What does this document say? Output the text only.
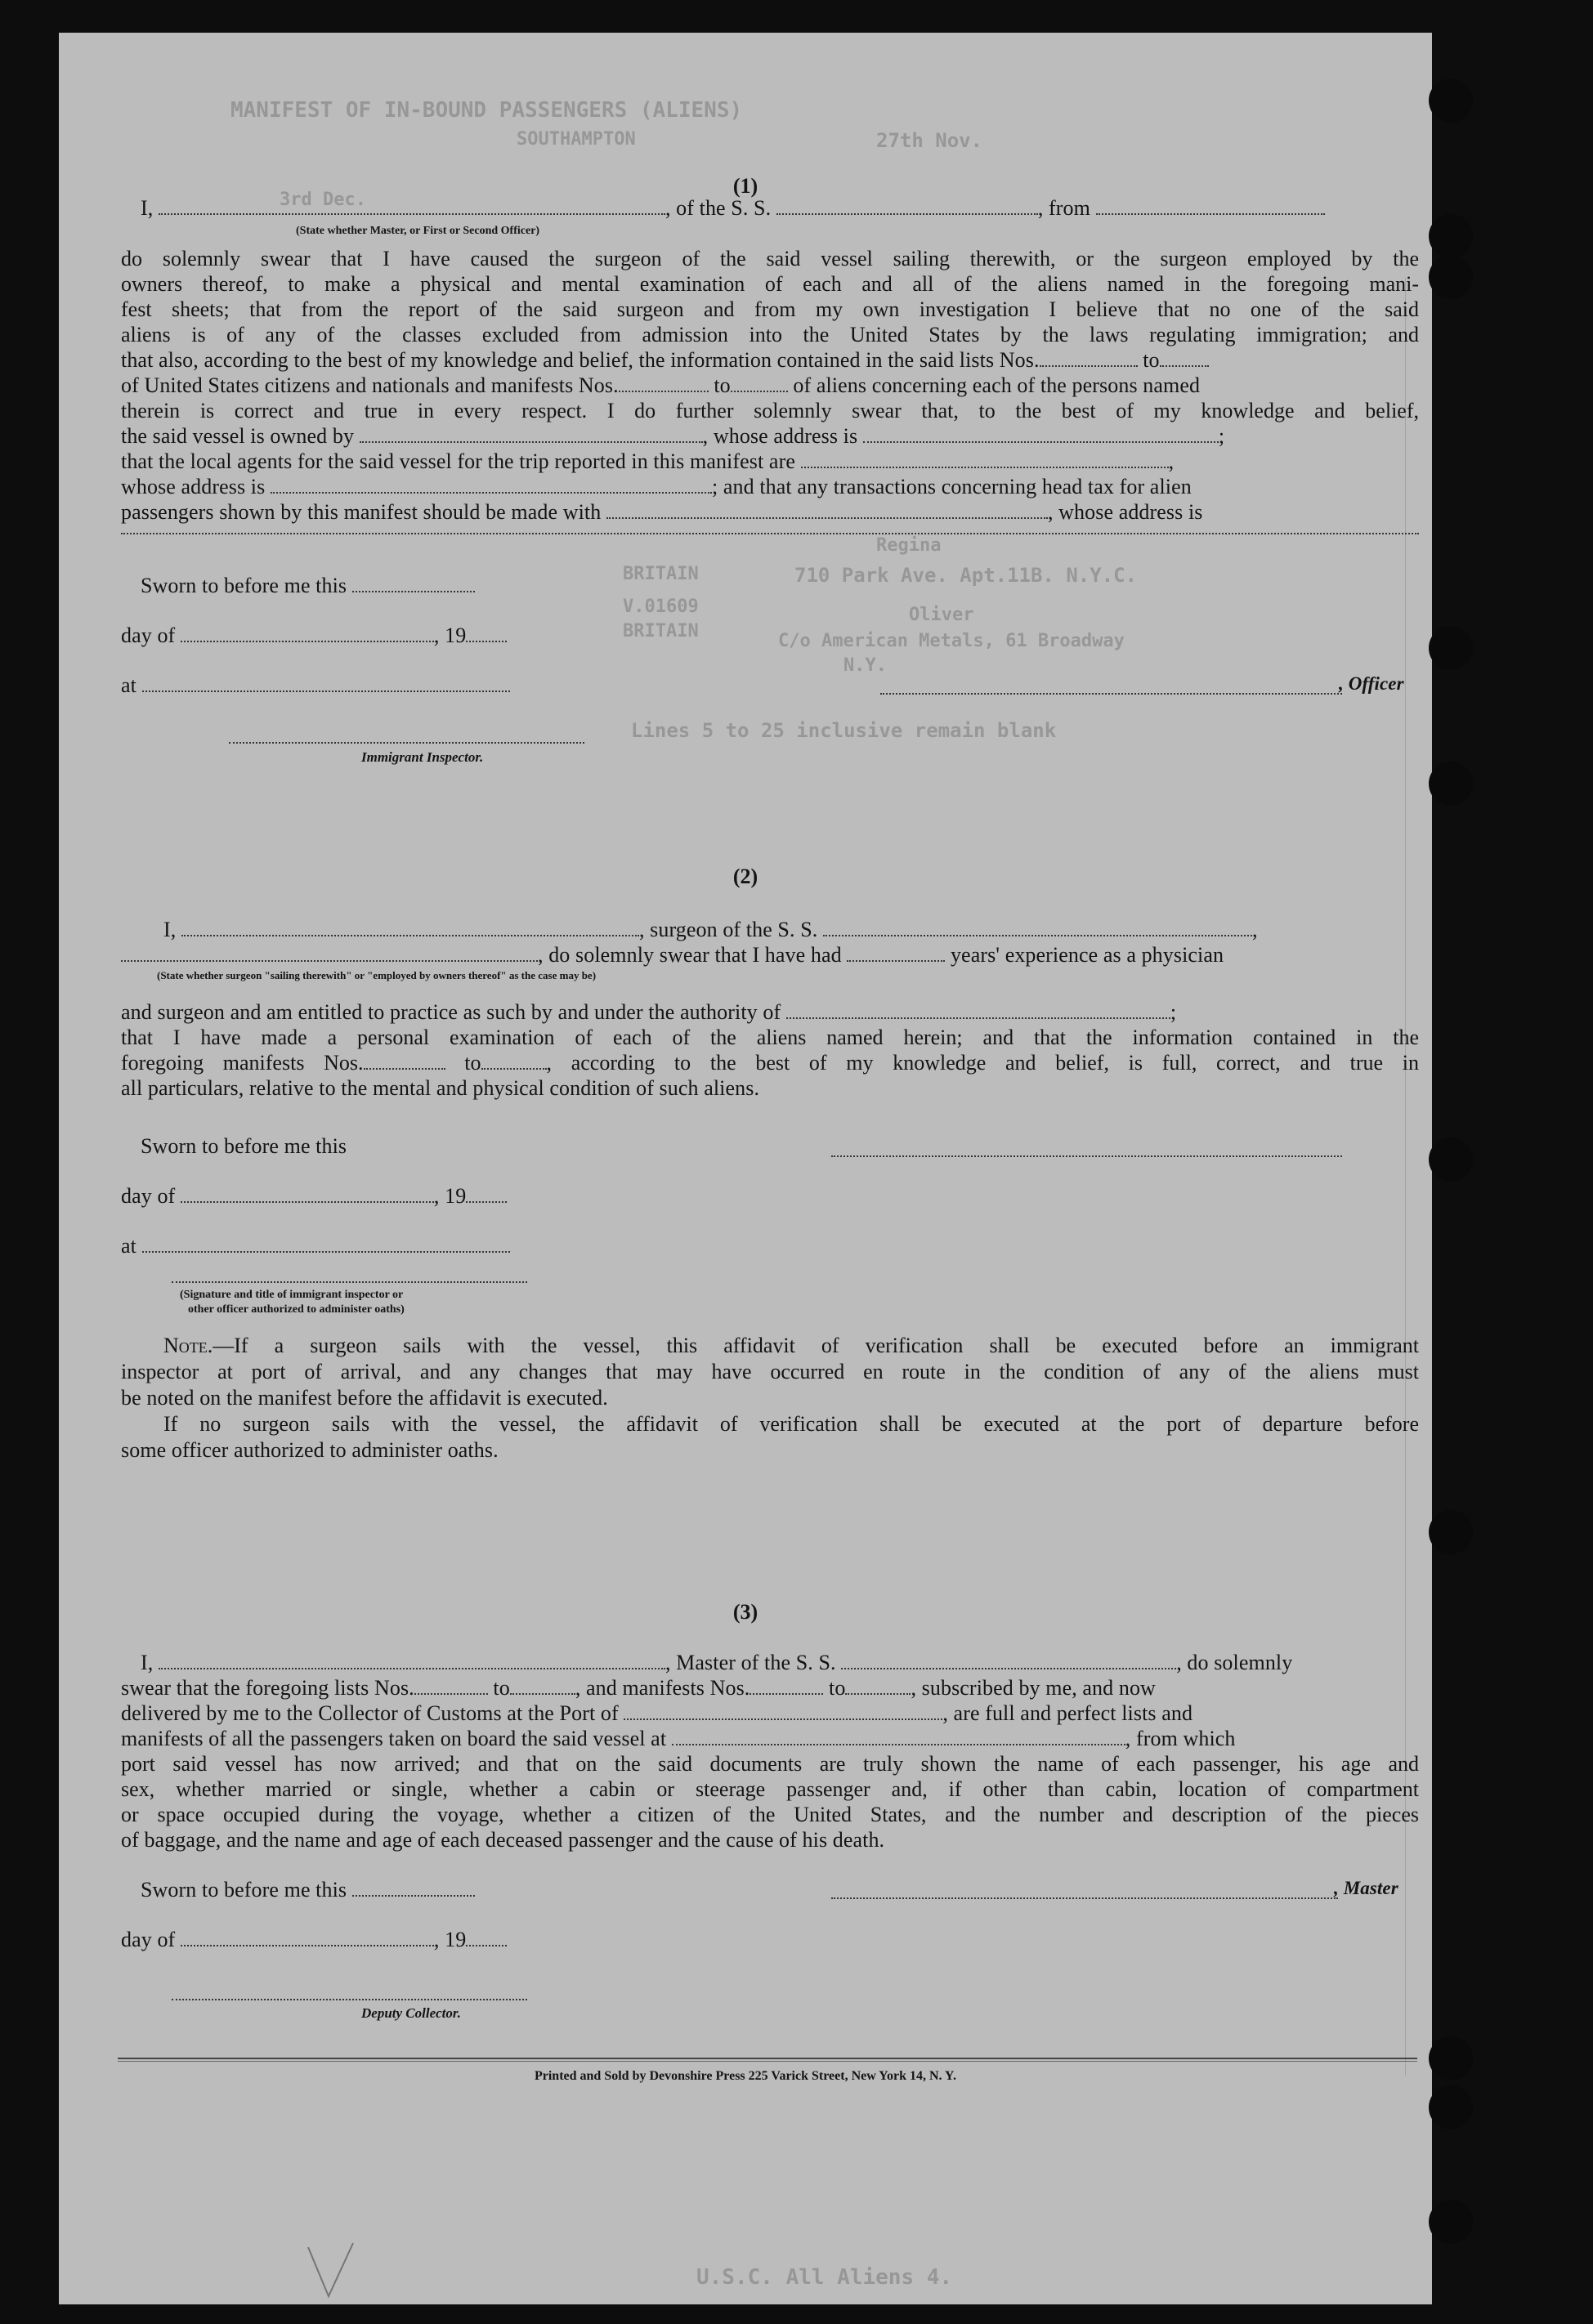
MANIFEST OF IN-BOUND PASSENGERS (ALIENS)
SOUTHAMPTON	27th Nov.
3rd Dec.
Regina
710 Park Ave. Apt.11B. N.Y.C.
BRITAIN
V.01609
BRITAIN
Oliver
C/o American Metals, 61 Broadway
N.Y.
Lines 5 to 25 inclusive remain blank
U.S.C. All Aliens 4.
(1)
I,	, of the S. S.	, from
(State whether Master, or First or Second Officer)
do solemnly swear that I have caused the surgeon of the said vessel sailing therewith, or the surgeon employed by the
owners thereof, to make a physical and mental examination of each and all of the aliens named in the foregoing mani-
fest sheets; that from the report of the said surgeon and from my own investigation I believe that no one of the said
aliens is of any of the classes excluded from admission into the United States by the laws regulating immigration; and
that also, according to the best of my knowledge and belief, the information contained in the said lists Nos.	to
of United States citizens and nationals and manifests Nos.	to	of aliens concerning each of the persons named
therein is correct and true in every respect. I do further solemnly swear that, to the best of my knowledge and belief,
the said vessel is owned by	, whose address is	;
that the local agents for the said vessel for the trip reported in this manifest are	,
whose address is	; and that any transactions concerning head tax for alien
passengers shown by this manifest should be made with	, whose address is
Sworn to before me this
day of	, 19
at	, Officer
Immigrant Inspector.
(2)
I,	, surgeon of the S. S.	,
, do solemnly swear that I have had	years' experience as a physician
(State whether surgeon "sailing therewith" or "employed by owners thereof" as the case may be)
and surgeon and am entitled to practice as such by and under the authority of	;
that I have made a personal examination of each of the aliens named herein; and that the information contained in the
foregoing manifests Nos.	to	, according to the best of my knowledge and belief, is full, correct, and true in
all particulars, relative to the mental and physical condition of such aliens.
Sworn to before me this
day of	, 19
at
(Signature and title of immigrant inspector or
other officer authorized to administer oaths)
Note.—If a surgeon sails with the vessel, this affidavit of verification shall be executed before an immigrant
inspector at port of arrival, and any changes that may have occurred en route in the condition of any of the aliens must
be noted on the manifest before the affidavit is executed.
If no surgeon sails with the vessel, the affidavit of verification shall be executed at the port of departure before
some officer authorized to administer oaths.
(3)
I,	, Master of the S. S.	, do solemnly
swear that the foregoing lists Nos.	to	, and manifests Nos.	to	, subscribed by me, and now
delivered by me to the Collector of Customs at the Port of	, are full and perfect lists and
manifests of all the passengers taken on board the said vessel at	, from which
port said vessel has now arrived; and that on the said documents are truly shown the name of each passenger, his age and
sex, whether married or single, whether a cabin or steerage passenger and, if other than cabin, location of compartment
or space occupied during the voyage, whether a citizen of the United States, and the number and description of the pieces
of baggage, and the name and age of each deceased passenger and the cause of his death.
Sworn to before me this	, Master
day of	, 19
Deputy Collector.
Printed and Sold by Devonshire Press 225 Varick Street, New York 14, N. Y.
